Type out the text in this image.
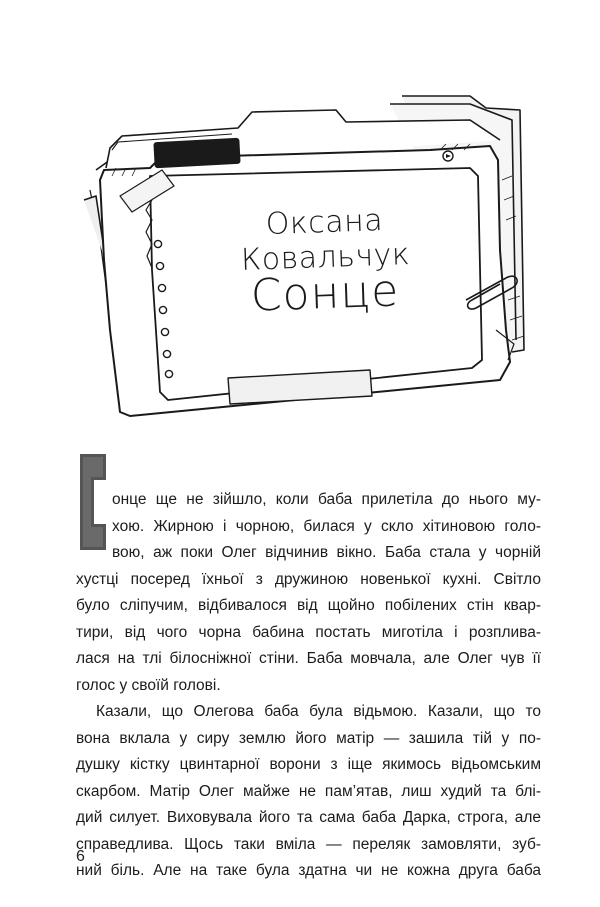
Оксана Ковальчук
Сонце

онце ще не зійшло, коли баба прилетіла до нього му-
хою. Жирною і чорною, билася у скло хітиновою голо-
вою, аж поки Олег відчинив вікно. Баба стала у чорній
хустці посеред їхньої з дружиною новенької кухні. Світло
було сліпучим, відбивалося від щойно побілених стін квар-
тири, від чого чорна бабина постать миготіла і розплива-
лася на тлі білосніжної стіни. Баба мовчала, але Олег чув її
голос у своїй голові.

Казали, що Олегова баба була відьмою. Казали, що то
вона вклала у сиру землю його матір — зашила тій у по-
душку кістку цвинтарної ворони з іще якимось відьомським
скарбом. Матір Олег майже не пам’ятав, лиш худий та блі-
дий силует. Виховувала його та сама баба Дарка, строга, але
справедлива. Щось таки вміла — переляк замовляти, зуб-
ний біль. Але на таке була здатна чи не кожна друга баба

6
